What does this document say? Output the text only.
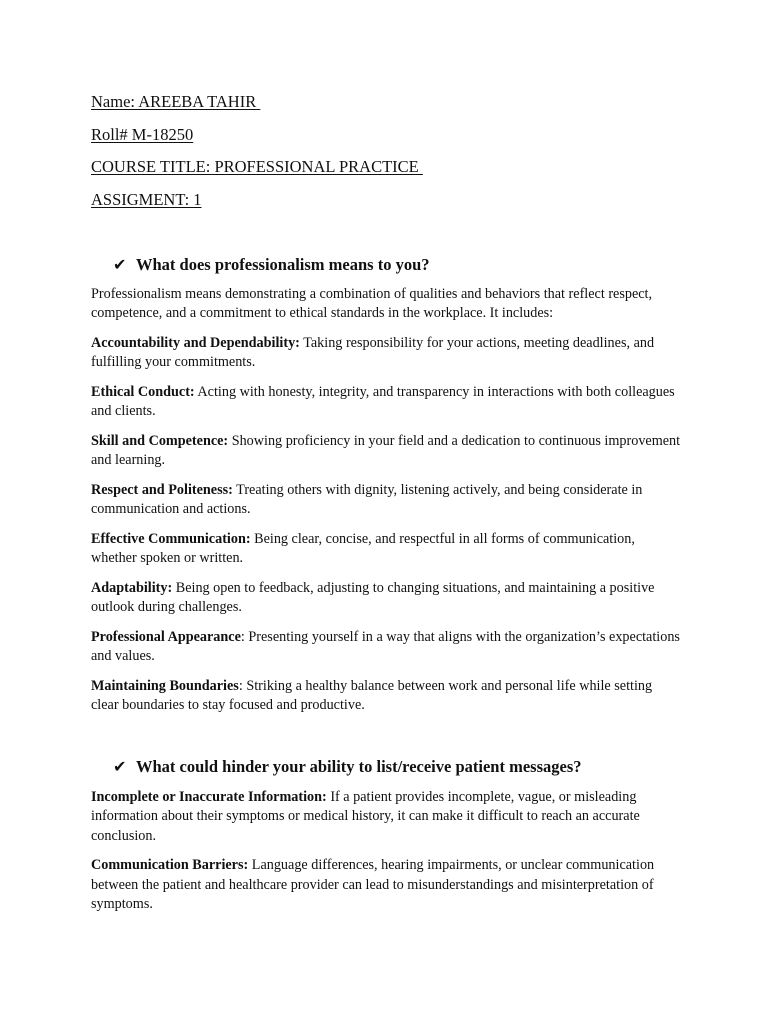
Name: AREEBA TAHIR

Roll# M-18250

COURSE TITLE: PROFESSIONAL PRACTICE

ASSIGMENT: 1

✔ What does professionalism means to you?

Professionalism means demonstrating a combination of qualities and behaviors that reflect respect, competence, and a commitment to ethical standards in the workplace. It includes:

Accountability and Dependability: Taking responsibility for your actions, meeting deadlines, and fulfilling your commitments.

Ethical Conduct: Acting with honesty, integrity, and transparency in interactions with both colleagues and clients.

Skill and Competence: Showing proficiency in your field and a dedication to continuous improvement and learning.

Respect and Politeness: Treating others with dignity, listening actively, and being considerate in communication and actions.

Effective Communication: Being clear, concise, and respectful in all forms of communication, whether spoken or written.

Adaptability: Being open to feedback, adjusting to changing situations, and maintaining a positive outlook during challenges.

Professional Appearance: Presenting yourself in a way that aligns with the organization’s expectations and values.

Maintaining Boundaries: Striking a healthy balance between work and personal life while setting clear boundaries to stay focused and productive.

✔ What could hinder your ability to list/receive patient messages?

Incomplete or Inaccurate Information: If a patient provides incomplete, vague, or misleading information about their symptoms or medical history, it can make it difficult to reach an accurate conclusion.

Communication Barriers: Language differences, hearing impairments, or unclear communication between the patient and healthcare provider can lead to misunderstandings and misinterpretation of symptoms.
